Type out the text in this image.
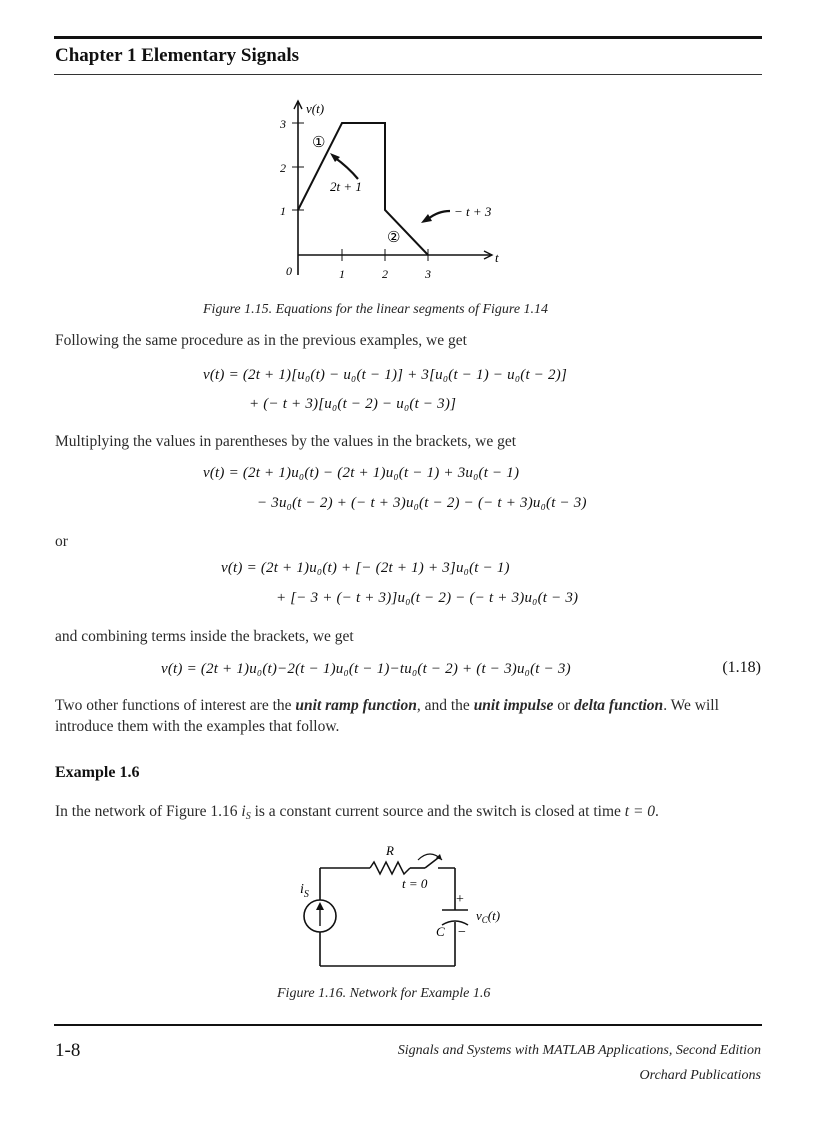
Chapter 1 Elementary Signals
1
2
3
0	1	2	3
v(t)
t
①
②
2t + 1
− t + 3
Figure 1.15. Equations for the linear segments of Figure 1.14
Following the same procedure as in the previous examples, we get
v(t) = (2t + 1)[u₀(t) − u₀(t − 1)] + 3[u₀(t − 1) − u₀(t − 2)]
+ (− t + 3)[u₀(t − 2) − u₀(t − 3)]
Multiplying the values in parentheses by the values in the brackets, we get
v(t) = (2t + 1)u₀(t) − (2t + 1)u₀(t − 1) + 3u₀(t − 1)
− 3u₀(t − 2) + (− t + 3)u₀(t − 2) − (− t + 3)u₀(t − 3)
or
v(t) = (2t + 1)u₀(t) + [− (2t + 1) + 3]u₀(t − 1)
+ [− 3 + (− t + 3)]u₀(t − 2) − (− t + 3)u₀(t − 3)
and combining terms inside the brackets, we get
v(t) = (2t + 1)u₀(t)−2(t − 1)u₀(t − 1)−tu₀(t − 2) + (t − 3)u₀(t − 3)	(1.18)
Two other functions of interest are the unit ramp function, and the unit impulse or delta function. We will introduce them with the examples that follow.
Example 1.6
In the network of Figure 1.16 $i_S$ is a constant current source and the switch is closed at time t = 0.
R
$i_S$
t = 0
+
−
C
$v_C(t)$
Figure 1.16. Network for Example 1.6
1-8	Signals and Systems with MATLAB Applications, Second Edition
Orchard Publications
